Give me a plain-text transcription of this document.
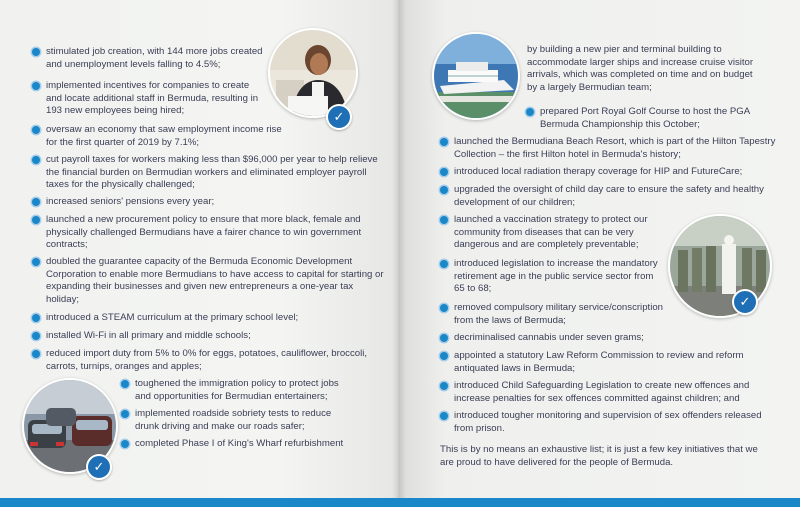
stimulated job creation, with 144 more jobs created and unemployment levels falling to 4.5%;
implemented incentives for companies to create and locate additional staff in Bermuda, resulting in 193 new employees being hired;
oversaw an economy that saw employment income rise for the first quarter of 2019 by 7.1%;
cut payroll taxes for workers making less than $96,000 per year to help relieve the financial burden on Bermudian workers and eliminated employer payroll taxes for the physically challenged;
increased seniors' pensions every year;
launched a new procurement policy to ensure that more black, female and physically challenged Bermudians have a fairer chance to win government contracts;
doubled the guarantee capacity of the Bermuda Economic Development Corporation to enable more Bermudians to have access to capital for starting or expanding their businesses and given new entrepreneurs a one-year tax holiday;
introduced a STEAM curriculum at the primary school level;
installed Wi-Fi in all primary and middle schools;
reduced import duty from 5% to 0% for eggs, potatoes, cauliflower, broccoli, carrots, turnips, oranges and apples;
toughened the immigration policy to protect jobs and opportunities for Bermudian entertainers;
implemented roadside sobriety tests to reduce drunk driving and make our roads safer;
completed Phase I of King's Wharf refurbishment
✓
✓
by building a new pier and terminal building to accommodate larger ships and increase cruise visitor arrivals, which was completed on time and on budget by a largely Bermudian team;
prepared Port Royal Golf Course to host the PGA Bermuda Championship this October;
launched the Bermudiana Beach Resort, which is part of the Hilton Tapestry Collection – the first Hilton hotel in Bermuda's history;
introduced local radiation therapy coverage for HIP and FutureCare;
upgraded the oversight of child day care to ensure the safety and healthy development of our children;
launched a vaccination strategy to protect our community from diseases that can be very dangerous and are completely preventable;
introduced legislation to increase the mandatory retirement age in the public service sector from 65 to 68;
removed compulsory military service/conscription from the laws of Bermuda;
decriminalised cannabis under seven grams;
appointed a statutory Law Reform Commission to review and reform antiquated laws in Bermuda;
introduced Child Safeguarding Legislation to create new offences and increase penalties for sex offences committed against children; and
introduced tougher monitoring and supervision of sex offenders released from prison.
This is by no means an exhaustive list; it is just a few key initiatives that we are proud to have delivered for the people of Bermuda.
✓
